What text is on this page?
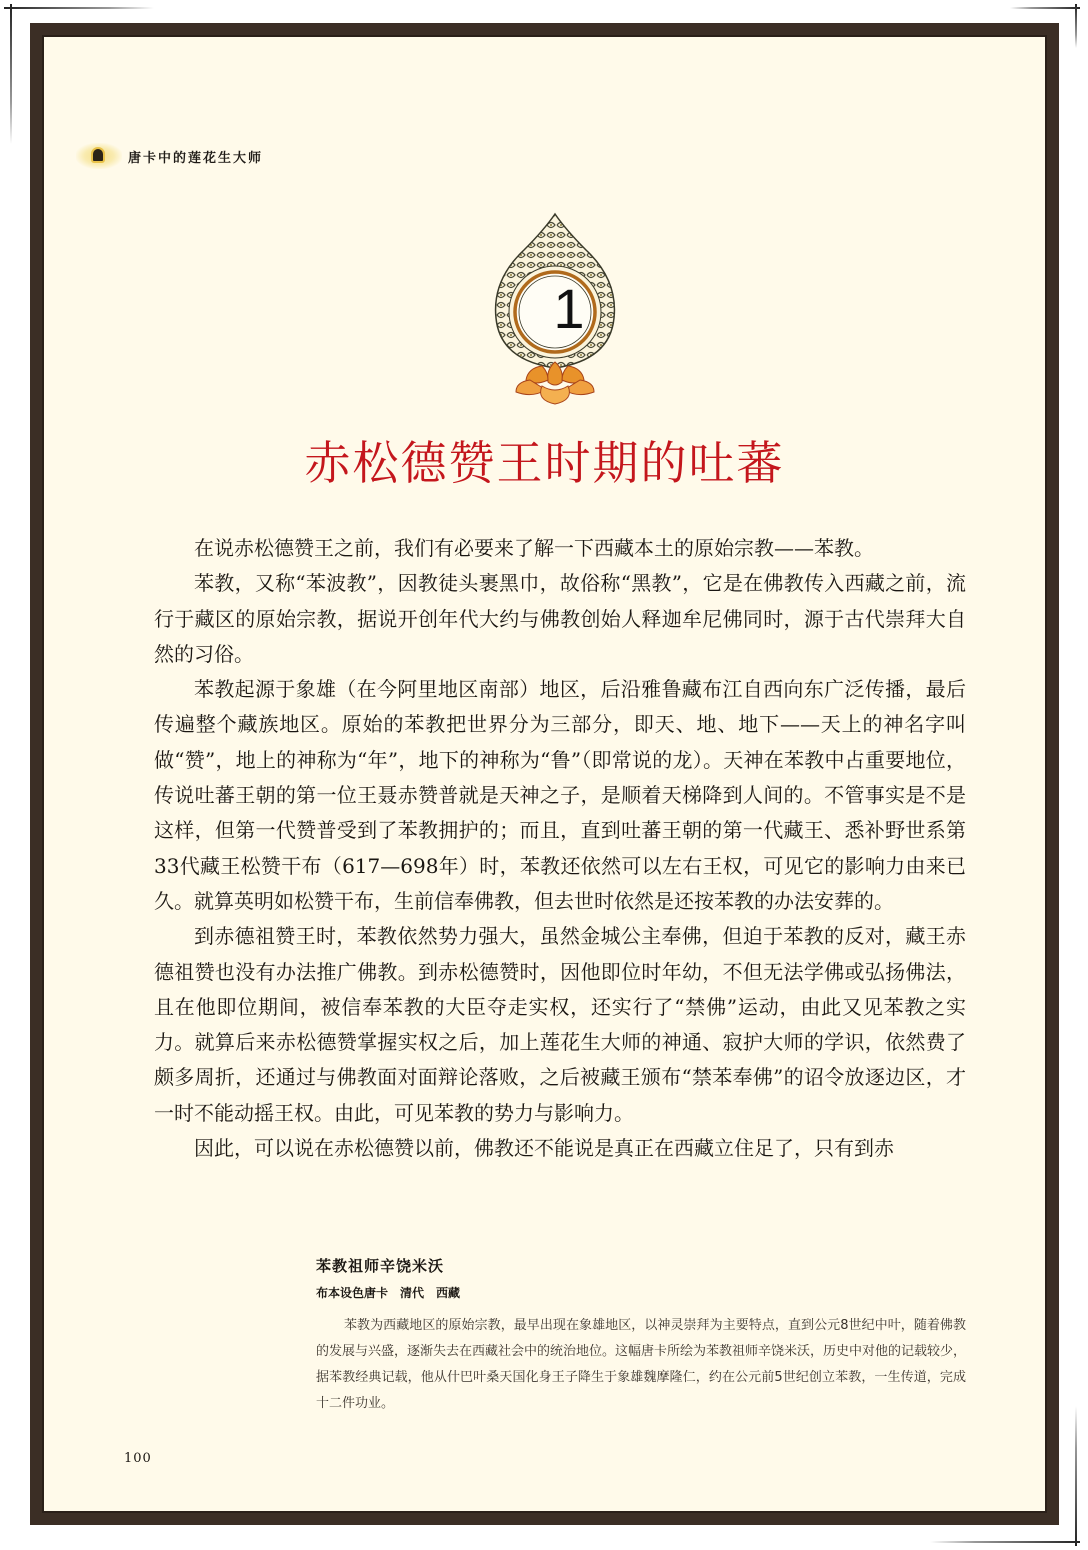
唐卡中的莲花生大师
1
赤松德赞王时期的吐蕃

在说赤松德赞王之前，我们有必要来了解一下西藏本土的原始宗教——苯教。

苯教，又称“苯波教”，因教徒头裹黑巾，故俗称“黑教”，它是在佛教传入西藏之前，流行于藏区的原始宗教，据说开创年代大约与佛教创始人释迦牟尼佛同时，源于古代崇拜大自然的习俗。

苯教起源于象雄（在今阿里地区南部）地区，后沿雅鲁藏布江自西向东广泛传播，最后传遍整个藏族地区。原始的苯教把世界分为三部分，即天、地、地下——天上的神名字叫做“赞”，地上的神称为“年”，地下的神称为“鲁”（即常说的龙）。天神在苯教中占重要地位，传说吐蕃王朝的第一位王聂赤赞普就是天神之子，是顺着天梯降到人间的。不管事实是不是这样，但第一代赞普受到了苯教拥护的；而且，直到吐蕃王朝的第一代藏王、悉补野世系第33代藏王松赞干布（617—698年）时，苯教还依然可以左右王权，可见它的影响力由来已久。就算英明如松赞干布，生前信奉佛教，但去世时依然是还按苯教的办法安葬的。

到赤德祖赞王时，苯教依然势力强大，虽然金城公主奉佛，但迫于苯教的反对，藏王赤德祖赞也没有办法推广佛教。到赤松德赞时，因他即位时年幼，不但无法学佛或弘扬佛法，且在他即位期间，被信奉苯教的大臣夺走实权，还实行了“禁佛”运动，由此又见苯教之实力。就算后来赤松德赞掌握实权之后，加上莲花生大师的神通、寂护大师的学识，依然费了颇多周折，还通过与佛教面对面辩论落败，之后被藏王颁布“禁苯奉佛”的诏令放逐边区，才一时不能动摇王权。由此，可见苯教的势力与影响力。

因此，可以说在赤松德赞以前，佛教还不能说是真正在西藏立住足了，只有到赤

苯教祖师辛饶米沃
布本设色唐卡　清代　西藏
苯教为西藏地区的原始宗教，最早出现在象雄地区，以神灵崇拜为主要特点，直到公元8世纪中叶，随着佛教的发展与兴盛，逐渐失去在西藏社会中的统治地位。这幅唐卡所绘为苯教祖师辛饶米沃，历史中对他的记载较少，据苯教经典记载，他从什巴叶桑天国化身王子降生于象雄魏摩隆仁，约在公元前5世纪创立苯教，一生传道，完成十二件功业。
100
